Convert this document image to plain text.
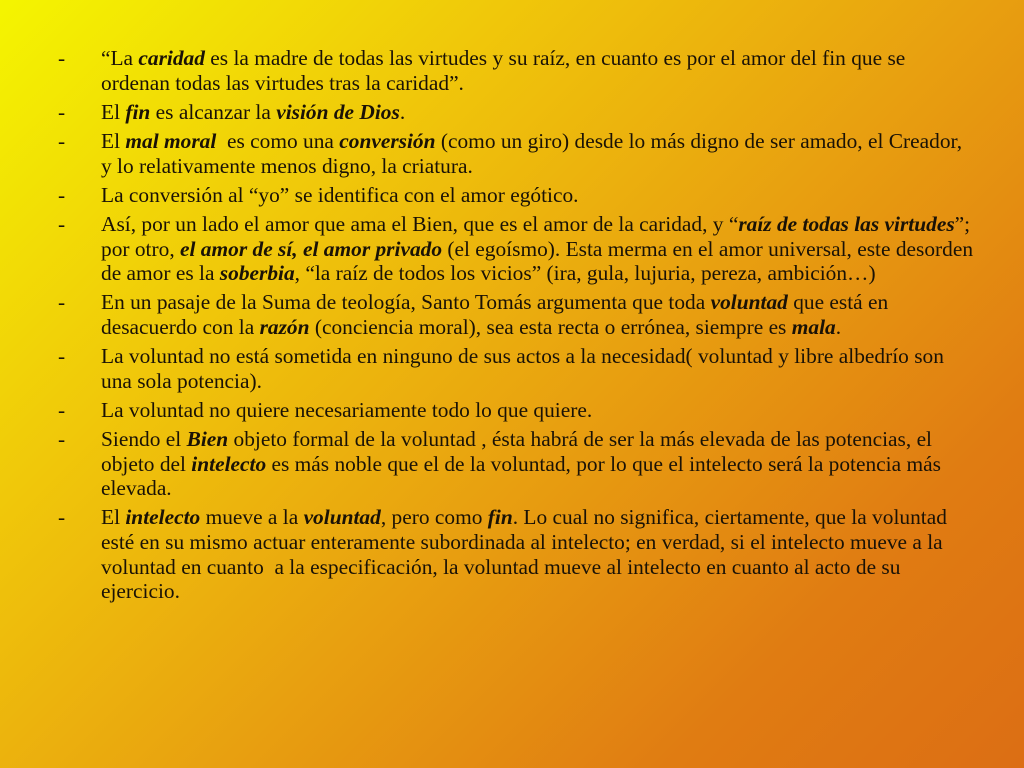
- “La caridad es la madre de todas las virtudes y su raíz, en cuanto es por el amor del fin que se ordenan todas las virtudes tras la caridad”.
- El fin es alcanzar la visión de Dios.
- El mal moral  es como una conversión (como un giro) desde lo más digno de ser amado, el Creador, y lo relativamente menos digno, la criatura.
- La conversión al “yo” se identifica con el amor egótico.
- Así, por un lado el amor que ama el Bien, que es el amor de la caridad, y “raíz de todas las virtudes”; por otro, el amor de sí, el amor privado (el egoísmo). Esta merma en el amor universal, este desorden de amor es la soberbia, “la raíz de todos los vicios” (ira, gula, lujuria, pereza, ambición…)
- En un pasaje de la Suma de teología, Santo Tomás argumenta que toda voluntad que está en desacuerdo con la razón (conciencia moral), sea esta recta o errónea, siempre es mala.
- La voluntad no está sometida en ninguno de sus actos a la necesidad( voluntad y libre albedrío son una sola potencia).
- La voluntad no quiere necesariamente todo lo que quiere.
- Siendo el Bien objeto formal de la voluntad , ésta habrá de ser la más elevada de las potencias, el objeto del intelecto es más noble que el de la voluntad, por lo que el intelecto será la potencia más elevada.
- El intelecto mueve a la voluntad, pero como fin. Lo cual no significa, ciertamente, que la voluntad esté en su mismo actuar enteramente subordinada al intelecto; en verdad, si el intelecto mueve a la voluntad en cuanto  a la especificación, la voluntad mueve al intelecto en cuanto al acto de su ejercicio.
